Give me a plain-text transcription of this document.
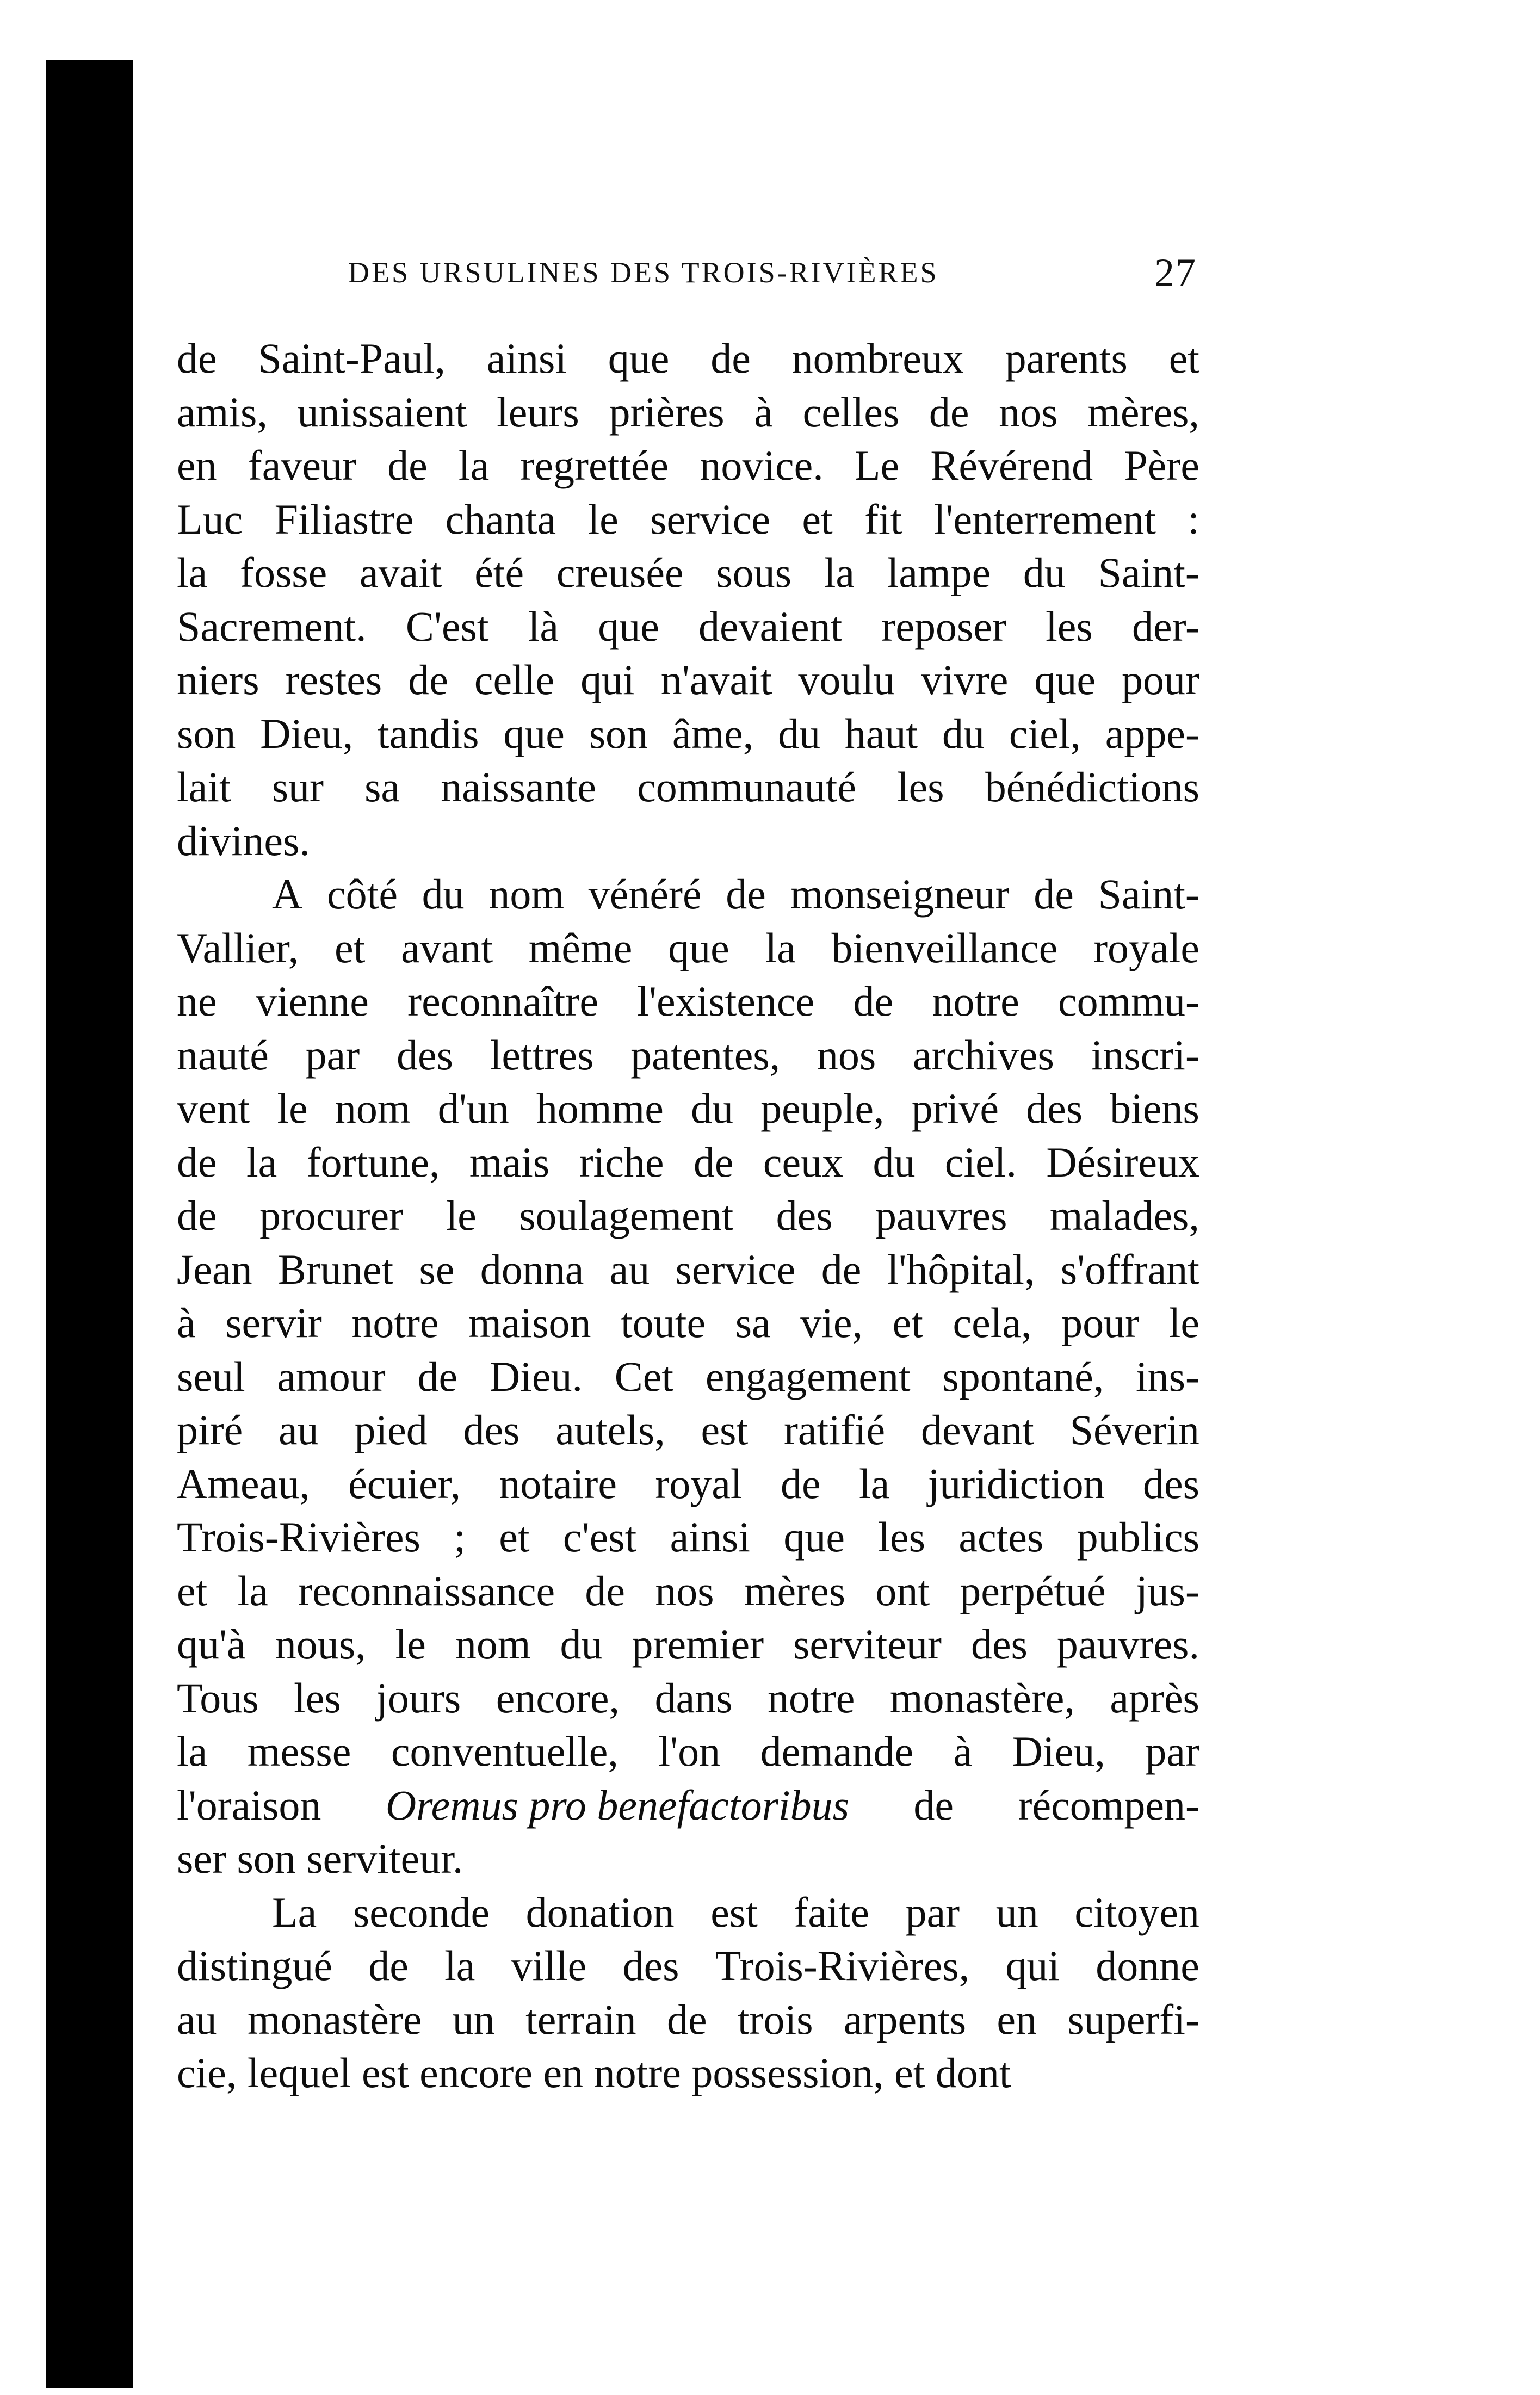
DES URSULINES DES TROIS-RIVIÈRES	27
de Saint-Paul, ainsi que de nombreux parents et
amis, unissaient leurs prières à celles de nos mères,
en faveur de la regrettée novice. Le Révérend Père
Luc Filiastre chanta le service et fit l'enterrement :
la fosse avait été creusée sous la lampe du Saint-
Sacrement. C'est là que devaient reposer les der-
niers restes de celle qui n'avait voulu vivre que pour
son Dieu, tandis que son âme, du haut du ciel, appe-
lait sur sa naissante communauté les bénédictions
divines.
A côté du nom vénéré de monseigneur de Saint-
Vallier, et avant même que la bienveillance royale
ne vienne reconnaître l'existence de notre commu-
nauté par des lettres patentes, nos archives inscri-
vent le nom d'un homme du peuple, privé des biens
de la fortune, mais riche de ceux du ciel. Désireux
de procurer le soulagement des pauvres malades,
Jean Brunet se donna au service de l'hôpital, s'offrant
à servir notre maison toute sa vie, et cela, pour le
seul amour de Dieu. Cet engagement spontané, ins-
piré au pied des autels, est ratifié devant Séverin
Ameau, écuier, notaire royal de la juridiction des
Trois-Rivières ; et c'est ainsi que les actes publics
et la reconnaissance de nos mères ont perpétué jus-
qu'à nous, le nom du premier serviteur des pauvres.
Tous les jours encore, dans notre monastère, après
la messe conventuelle, l'on demande à Dieu, par
l'oraison Oremus pro benefactoribus de récompen-
ser
son
serviteur.
La seconde donation est faite par un citoyen
distingué de la ville des Trois-Rivières, qui donne
au monastère un terrain de trois arpents en superfi-
cie,
lequel
est
encore
en
notre
possession,
et
dont
